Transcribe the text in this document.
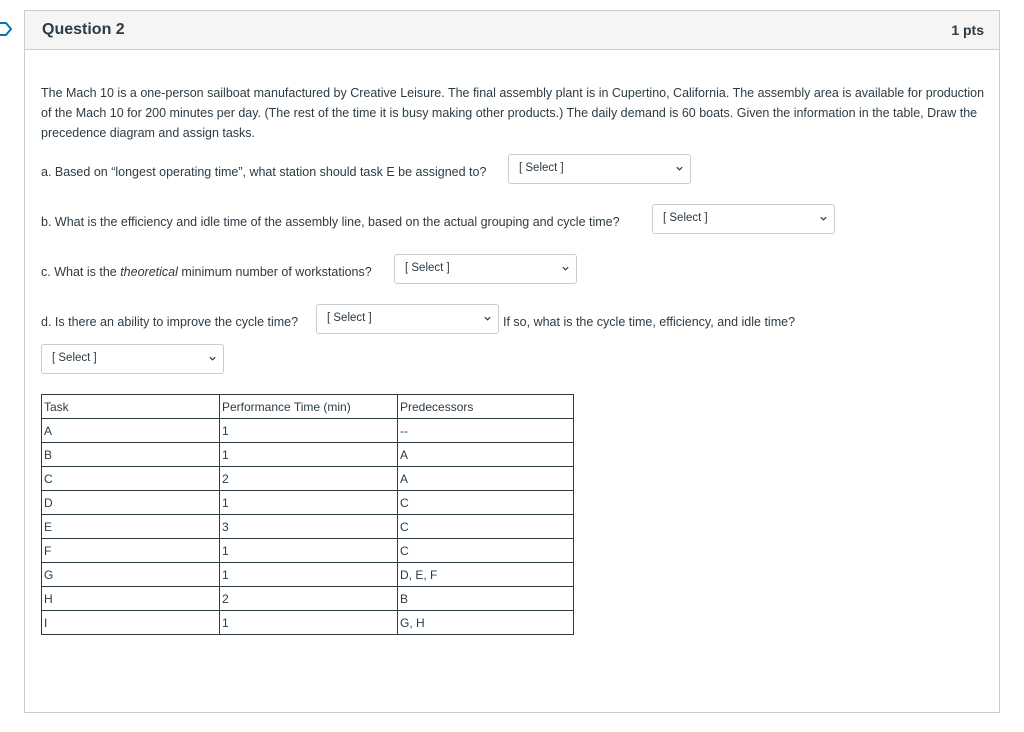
Question 2	1 pts

The Mach 10 is a one-person sailboat manufactured by Creative Leisure. The final assembly plant is in Cupertino, California. The assembly area is available for production of the Mach 10 for 200 minutes per day. (The rest of the time it is busy making other products.) The daily demand is 60 boats. Given the information in the table, Draw the precedence diagram and assign tasks.

a. Based on “longest operating time”, what station should task E be assigned to?	[ Select ]
b. What is the efficiency and idle time of the assembly line, based on the actual grouping and cycle time?	[ Select ]
c. What is the theoretical minimum number of workstations?	[ Select ]
d. Is there an ability to improve the cycle time?	[ Select ]	If so, what is the cycle time, efficiency, and idle time?
[ Select ]
Task	Performance Time (min)	Predecessors
A	1	--
B	1	A
C	2	A
D	1	C
E	3	C
F	1	C
G	1	D, E, F
H	2	B
I	1	G, H
